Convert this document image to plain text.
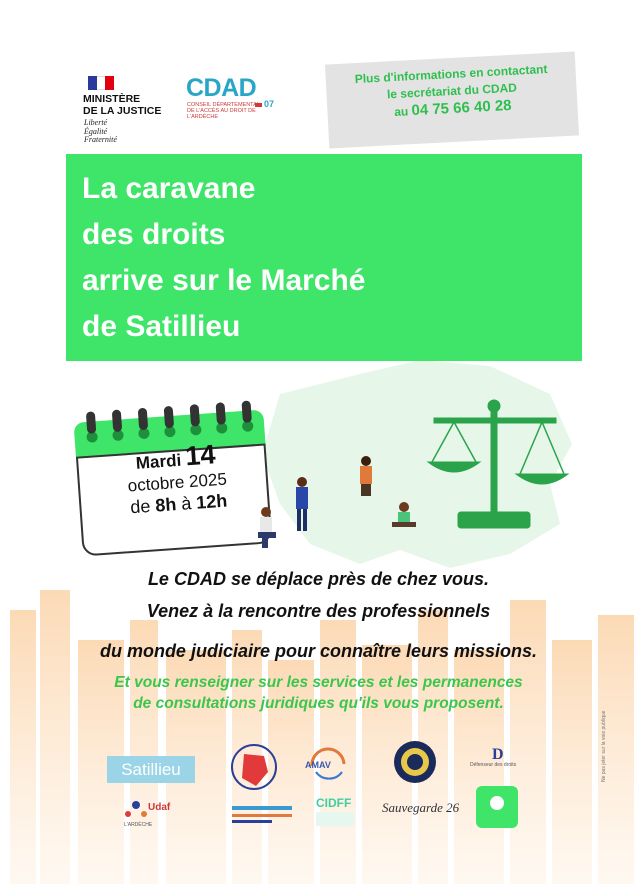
MINISTÈRE
DE LA JUSTICE
Liberté
Égalité
Fraternité
CDAD
07
CONSEIL DÉPARTEMENTAL DE L'ACCÈS AU DROIT DE L'ARDÈCHE
Plus d'informations en contactant
le secrétariat du CDAD
au 04 75 66 40 28
La caravane
des droits
arrive sur le Marché
de Satillieu
Mardi 14
octobre 2025
de 8h à 12h
Le CDAD se déplace près de chez vous.
Venez à la rencontre des professionnels
du monde judiciaire pour connaître leurs missions.
Et vous renseigner sur les services et les permanences
de consultations juridiques qu'ils vous proposent.
Satillieu	AMAV
D
Défenseur des droits
Udaf
L'ARDÈCHE
CIDFF Sauvegarde 26
Ne pas jeter sur la voie publique
